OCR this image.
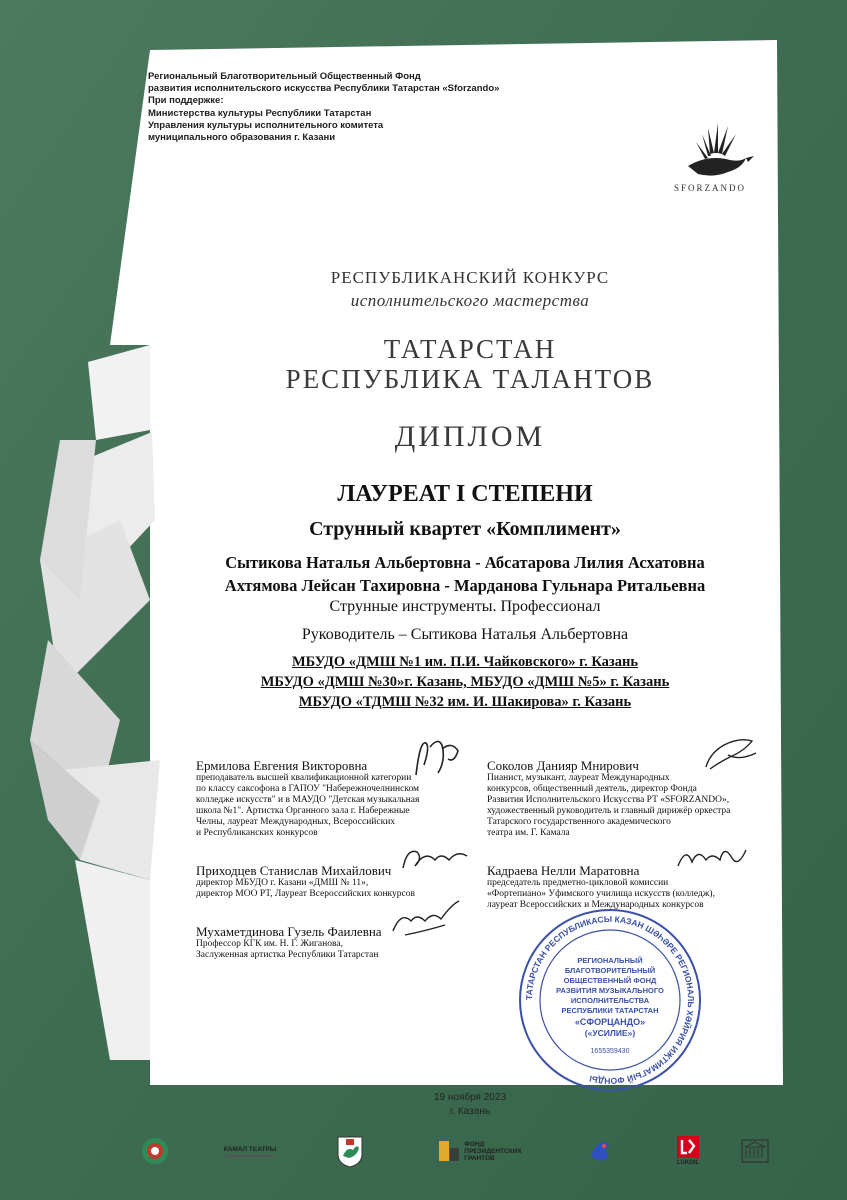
Региональный Благотворительный Общественный Фонд
развития исполнительского искусства Республики Татарстан «Sforzando»
При поддержке:
Министерства культуры Республики Татарстан
Управления культуры исполнительного комитета
муниципального образования г. Казани
SFORZANDO
РЕСПУБЛИКАНСКИЙ КОНКУРС
исполнительского мастерства
ТАТАРСТАН
РЕСПУБЛИКА ТАЛАНТОВ
ДИПЛОМ
ЛАУРЕАТ I СТЕПЕНИ
Струнный квартет «Комплимент»
Сытикова Наталья Альбертовна - Абсатарова Лилия Асхатовна
Ахтямова Лейсан Тахировна - Марданова Гульнара Ритальевна
Струнные инструменты. Профессионал
Руководитель – Сытикова Наталья Альбертовна
МБУДО «ДМШ №1 им. П.И. Чайковского» г. Казань
МБУДО «ДМШ №30»г. Казань, МБУДО «ДМШ №5» г. Казань
МБУДО «ТДМШ №32 им. И. Шакирова» г. Казань
Ермилова Евгения Викторовна
преподаватель высшей квалификационной категории
по классу саксофона в ГАПОУ "Набережночелнинском
колледже искусств" и в МАУДО "Детская музыкальная
школа №1". Артистка Органного зала г. Набережные
Челны, лауреат Международных, Всероссийских
и Республиканских конкурсов
Соколов Данияр Мнирович
Пианист, музыкант, лауреат Международных
конкурсов, общественный деятель, директор Фонда
Развития Исполнительского Искусства РТ «SFORZANDO»,
художественный руководитель и главный дирижёр оркестра
Татарского государственного академического
театра им. Г. Камала
Приходцев Станислав Михайлович
директор МБУДО г. Казани «ДМШ № 11»,
директор МОО РТ, Лауреат Всероссийских конкурсов
Кадраева Нелли Маратовна
председатель предметно-цикловой комиссии
«Фортепиано» Уфимского училища искусств (колледж),
лауреат Всероссийских и Международных конкурсов
Мухаметдинова Гузель Фаилевна
Профессор КГК им. Н. Г. Жиганова,
Заслуженная артистка Республики Татарстан
ТАТАРСТАН РЕСПУБЛИКАСЫ КАЗАН ШӘҺӘРЕ РЕГИОНАЛЬ ХӘЙРИЯ ИҖТИМАГЫЙ ФОНДЫ
РЕГИОНАЛЬНЫЙ
БЛАГОТВОРИТЕЛЬНЫЙ
ОБЩЕСТВЕННЫЙ ФОНД
РАЗВИТИЯ МУЗЫКАЛЬНОГО
ИСПОЛНИТЕЛЬСТВА
РЕСПУБЛИКИ ТАТАРСТАН
«СФОРЦАНДО»
(«УСИЛИЕ»)
1655359430
19 ноября 2023
г. Казань
КАМАЛ ТЕАТРЫ
ФОНД
ПРЕЗИДЕНТСКИХ
ГРАНТОВ
LUKOIL
